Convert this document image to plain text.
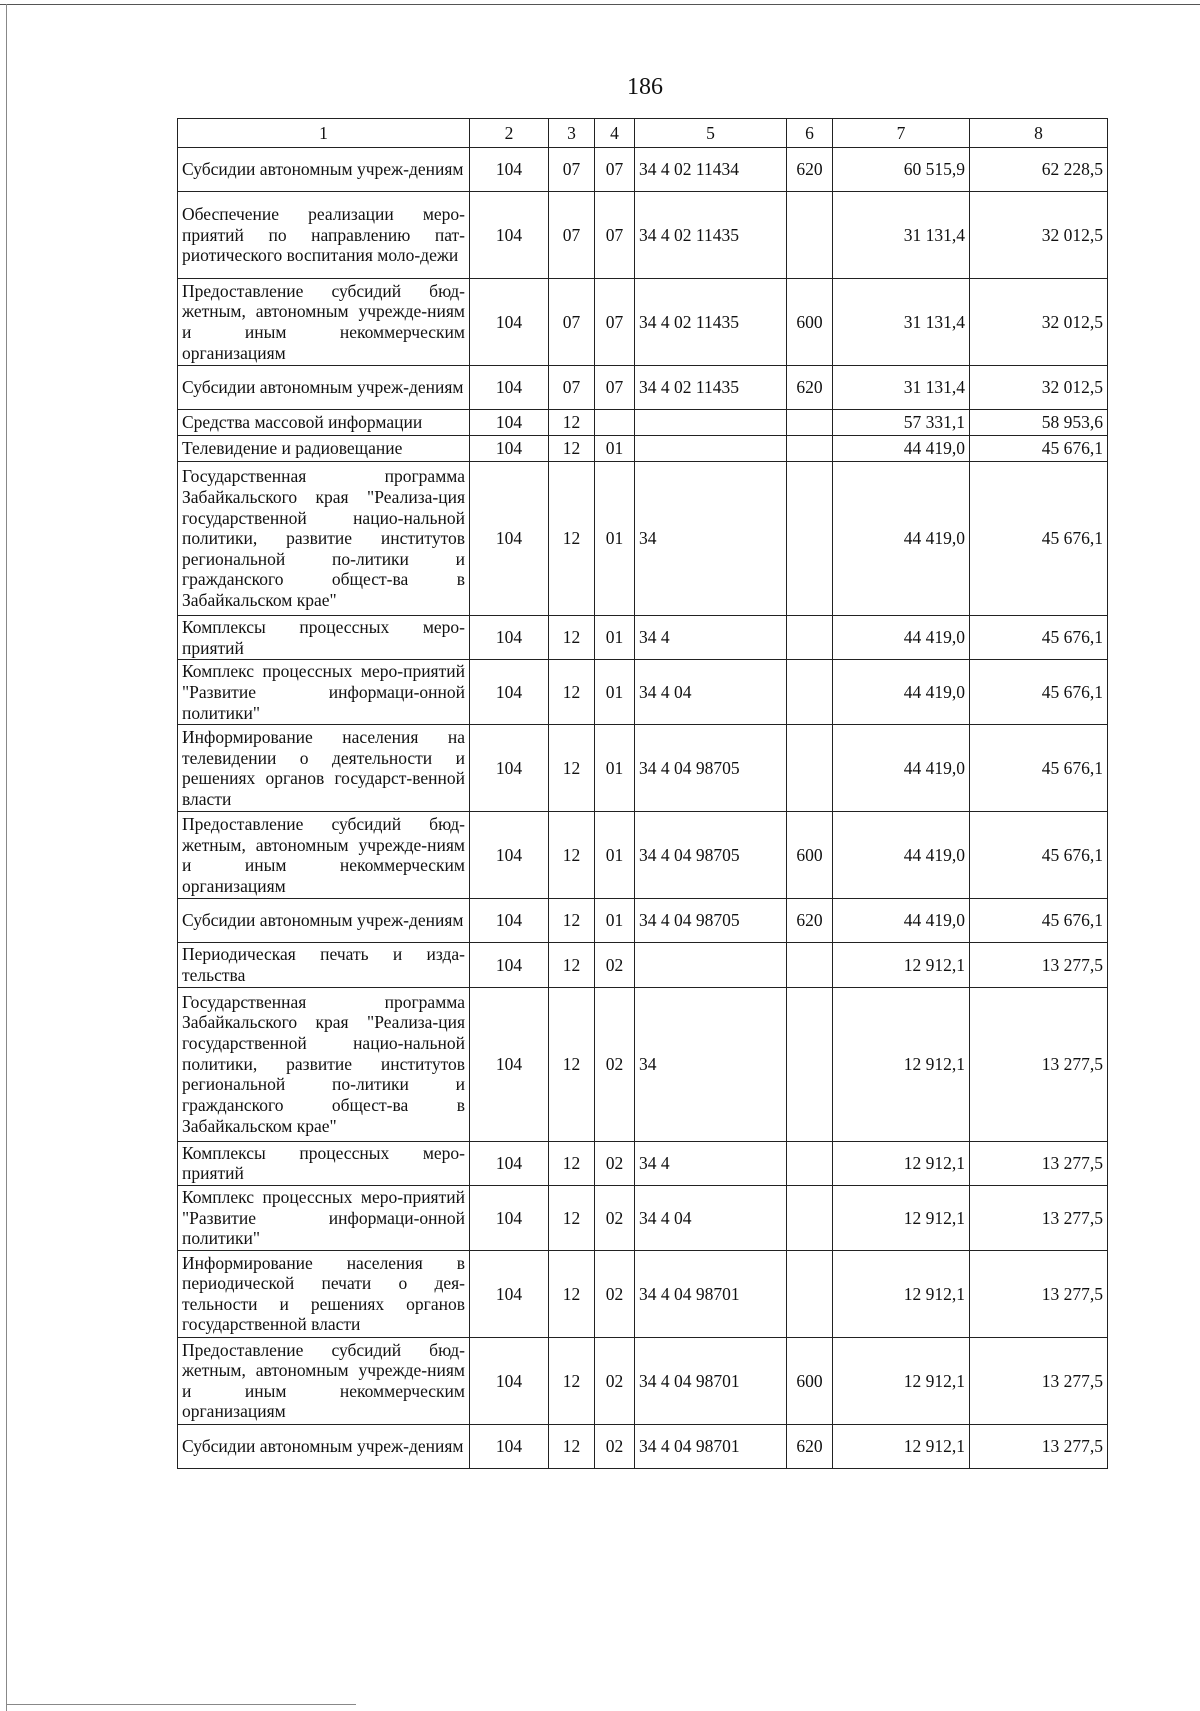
186
1	2	3	4	5	6	7	8
Субсидии автономным учреж-дениям	104	07	07	34 4 02 11434	620	60 515,9	62 228,5
Обеспечение реализации меро-приятий по направлению пат-риотического воспитания моло-дежи	104	07	07	34 4 02 11435		31 131,4	32 012,5
Предоставление субсидий бюд-жетным, автономным учрежде-ниям и иным некоммерческим организациям	104	07	07	34 4 02 11435	600	31 131,4	32 012,5
Субсидии автономным учреж-дениям	104	07	07	34 4 02 11435	620	31 131,4	32 012,5
Средства массовой информации	104	12				57 331,1	58 953,6
Телевидение и радиовещание	104	12	01			44 419,0	45 676,1
Государственная программа Забайкальского края "Реализа-ция государственной нацио-нальной политики, развитие институтов региональной по-литики и гражданского общест-ва в Забайкальском крае"	104	12	01	34		44 419,0	45 676,1
Комплексы процессных меро-приятий	104	12	01	34 4		44 419,0	45 676,1
Комплекс процессных меро-приятий "Развитие информаци-онной политики"	104	12	01	34 4 04		44 419,0	45 676,1
Информирование населения на телевидении о деятельности и решениях органов государст-венной власти	104	12	01	34 4 04 98705		44 419,0	45 676,1
Предоставление субсидий бюд-жетным, автономным учрежде-ниям и иным некоммерческим организациям	104	12	01	34 4 04 98705	600	44 419,0	45 676,1
Субсидии автономным учреж-дениям	104	12	01	34 4 04 98705	620	44 419,0	45 676,1
Периодическая печать и изда-тельства	104	12	02			12 912,1	13 277,5
Государственная программа Забайкальского края "Реализа-ция государственной нацио-нальной политики, развитие институтов региональной по-литики и гражданского общест-ва в Забайкальском крае"	104	12	02	34		12 912,1	13 277,5
Комплексы процессных меро-приятий	104	12	02	34 4		12 912,1	13 277,5
Комплекс процессных меро-приятий "Развитие информаци-онной политики"	104	12	02	34 4 04		12 912,1	13 277,5
Информирование населения в периодической печати о дея-тельности и решениях органов государственной власти	104	12	02	34 4 04 98701		12 912,1	13 277,5
Предоставление субсидий бюд-жетным, автономным учрежде-ниям и иным некоммерческим организациям	104	12	02	34 4 04 98701	600	12 912,1	13 277,5
Субсидии автономным учреж-дениям	104	12	02	34 4 04 98701	620	12 912,1	13 277,5
